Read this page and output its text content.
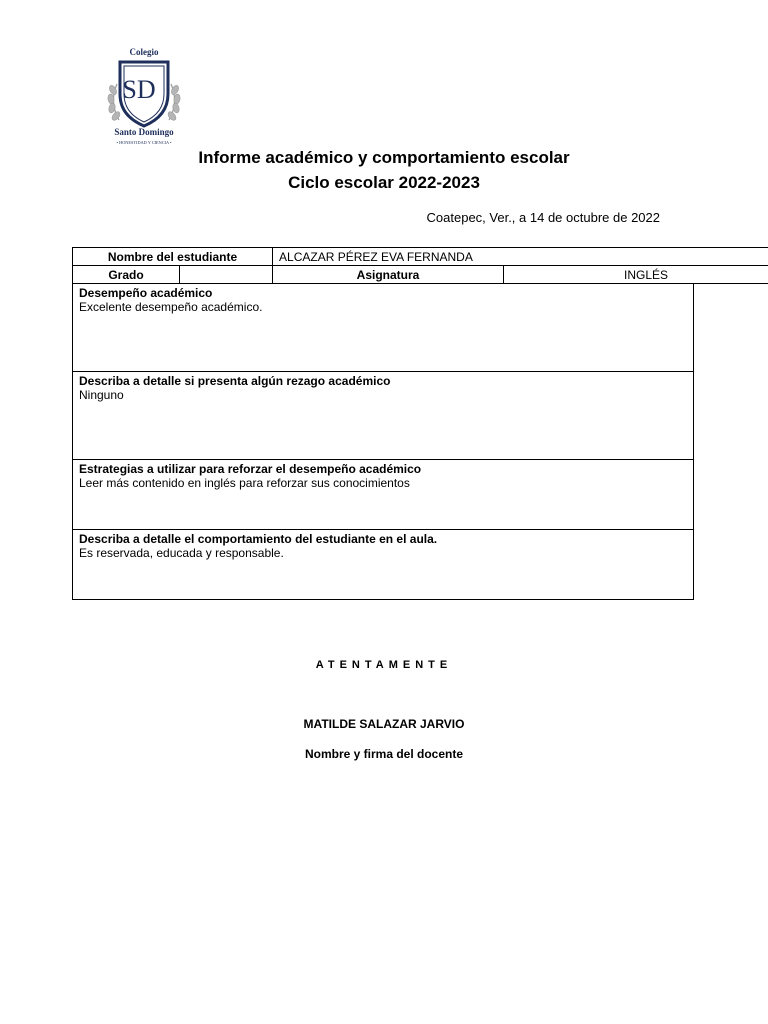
Colegio
SD
Santo Domingo
• HONESTIDAD Y CIENCIA •
Informe académico y comportamiento escolar
Ciclo escolar 2022-2023
Coatepec, Ver., a 14 de octubre de 2022
Nombre del estudiante		ALCAZAR PÉREZ EVA FERNANDA	
Grado		Asignatura	INGLÉS
Desempeño académico
Excelente desempeño académico.
Describa a detalle si presenta algún rezago académico
Ninguno
Estrategias a utilizar para reforzar el desempeño académico
Leer más contenido en inglés para reforzar sus conocimientos
Describa a detalle el comportamiento del estudiante en el aula.
Es reservada, educada y responsable.
ATENTAMENTE
MATILDE SALAZAR JARVIO
Nombre y firma del docente
